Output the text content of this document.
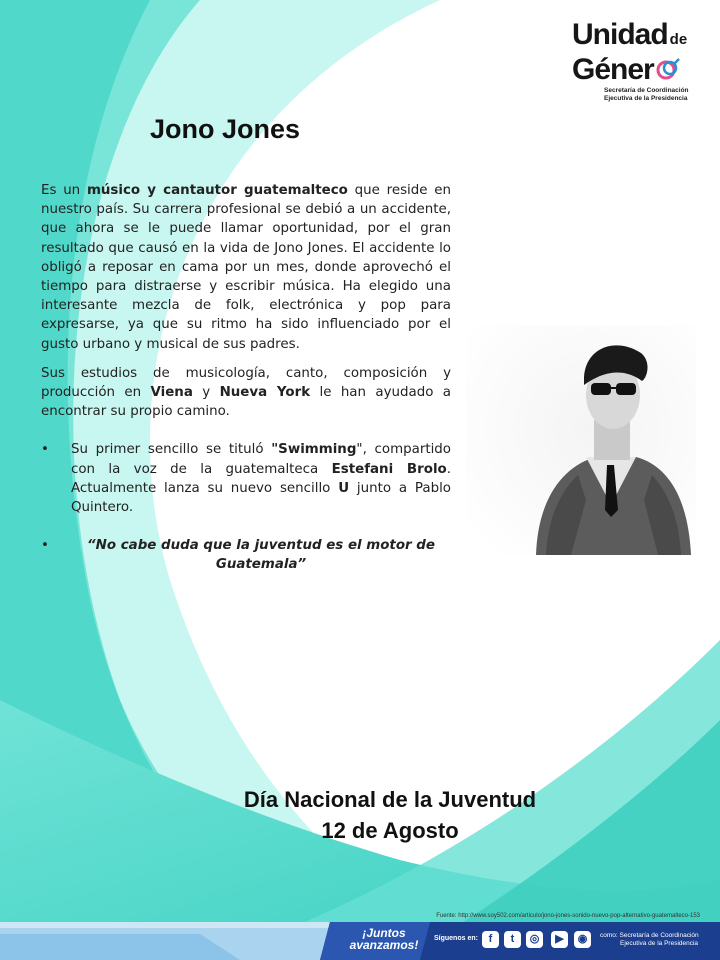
Unidad de
Géner
Secretaría de Coordinación
Ejecutiva de la Presidencia
Jono Jones

Es un músico y cantautor guatemalteco que reside en nuestro país. Su carrera profesional se debió a un accidente, que ahora se le puede llamar oportunidad, por el gran resultado que causó en la vida de Jono Jones. El accidente lo obligó a reposar en cama por un mes, donde aprovechó el tiempo para distraerse y escribir música. Ha elegido una interesante mezcla de folk, electrónica y pop para expresarse, ya que su ritmo ha sido influenciado por el gusto urbano y musical de sus padres.

Sus estudios de musicología, canto, composición y producción en Viena y Nueva York le han ayudado a encontrar su propio camino.

• Su primer sencillo se tituló "Swimming", compartido con la voz de la guatemalteca Estefani Brolo. Actualmente lanza su nuevo sencillo U junto a Pablo Quintero.
•	“No cabe duda que la juventud es el motor de Guatemala”
Día Nacional de la Juventud
12 de Agosto
Fuente: http://www.soy502.com/articulo/jono-jones-sonido-nuevo-pop-alternativo-guatemalteco-153
¡Juntos
avanzamos!	Síguenos en: f	t	◎	▶	◉	como: Secretaría de Coordinación
Ejecutiva de la Presidencia
